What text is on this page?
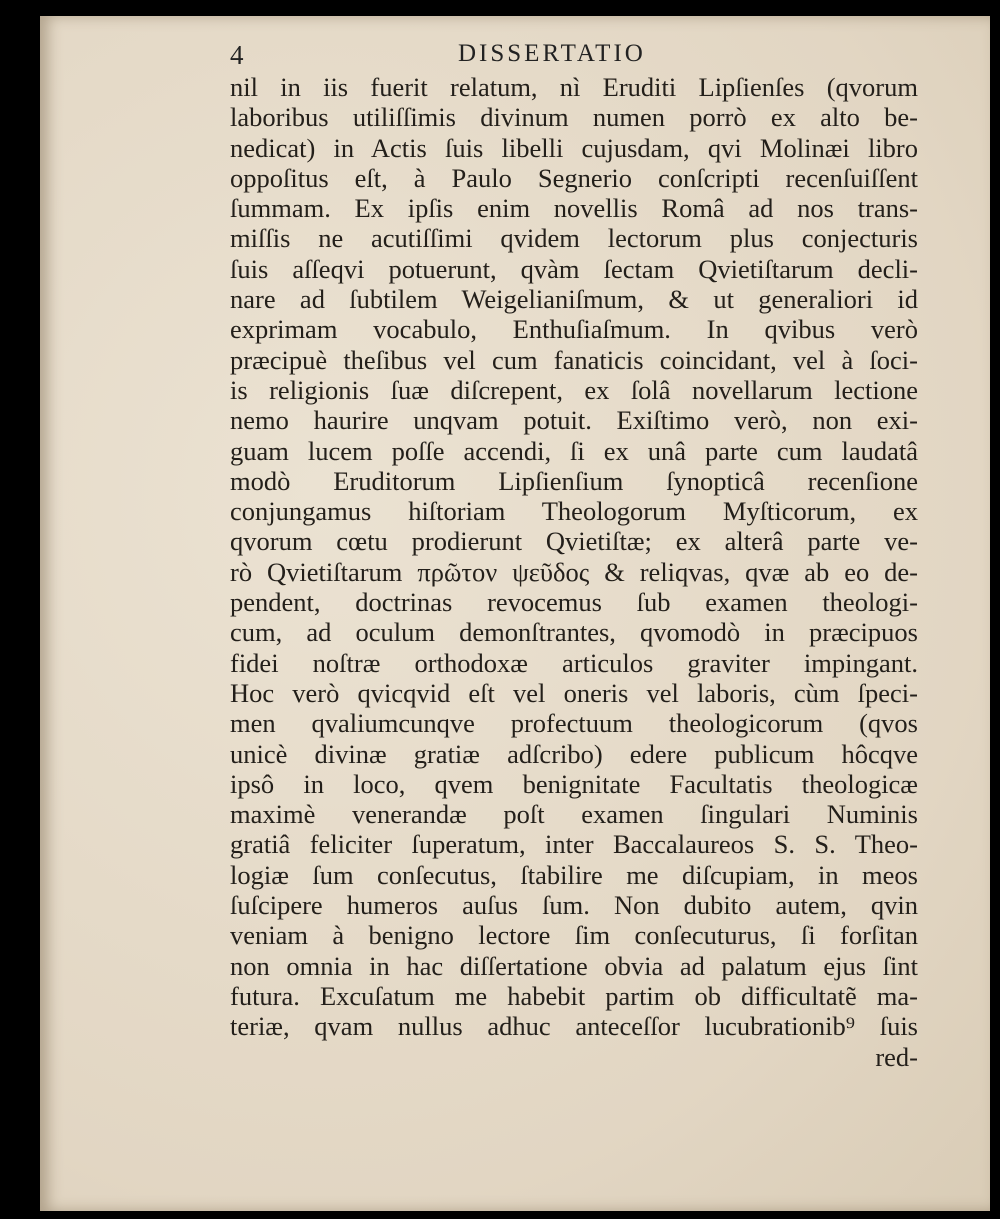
4	DISSERTATIO
nil in iis fuerit relatum, nì Eruditi Lipſienſes (qvorum
laboribus utiliſſimis divinum numen porrò ex alto be-
nedicat) in Actis ſuis libelli cujusdam, qvi Molinæi libro
oppoſitus eſt, à Paulo Segnerio conſcripti recenſuiſſent
ſummam. Ex ipſis enim novellis Româ ad nos trans-
miſſis ne acutiſſimi qvidem lectorum plus conjecturis
ſuis aſſeqvi potuerunt, qvàm ſectam Qvietiſtarum decli-
nare ad ſubtilem Weigelianiſmum, & ut generaliori id
exprimam vocabulo, Enthuſiaſmum. In qvibus verò
præcipuè theſibus vel cum fanaticis coincidant, vel à ſoci-
is religionis ſuæ diſcrepent, ex ſolâ novellarum lectione
nemo haurire unqvam potuit. Exiſtimo verò, non exi-
guam lucem poſſe accendi, ſi ex unâ parte cum laudatâ
modò Eruditorum Lipſienſium ſynopticâ recenſione
conjungamus hiſtoriam Theologorum Myſticorum, ex
qvorum cœtu prodierunt Qvietiſtæ; ex alterâ parte ve-
rò Qvietiſtarum πρῶτον ψεῦδος & reliqvas, qvæ ab eo de-
pendent, doctrinas revocemus ſub examen theologi-
cum, ad oculum demonſtrantes, qvomodò in præcipuos
fidei noſtræ orthodoxæ articulos graviter impingant.
Hoc verò qvicqvid eſt vel oneris vel laboris, cùm ſpeci-
men qvaliumcunqve profectuum theologicorum (qvos
unicè divinæ gratiæ adſcribo) edere publicum hôcqve
ipsô in loco, qvem benignitate Facultatis theologicæ
maximè venerandæ poſt examen ſingulari Numinis
gratiâ feliciter ſuperatum, inter Baccalaureos S. S. Theo-
logiæ ſum conſecutus, ſtabilire me diſcupiam, in meos
ſuſcipere humeros auſus ſum. Non dubito autem, qvin
veniam à benigno lectore ſim conſecuturus, ſi forſitan
non omnia in hac diſſertatione obvia ad palatum ejus ſint
futura. Excuſatum me habebit partim ob difficultatẽ ma-
teriæ, qvam nullus adhuc anteceſſor lucubrationib⁹ ſuis
red-
